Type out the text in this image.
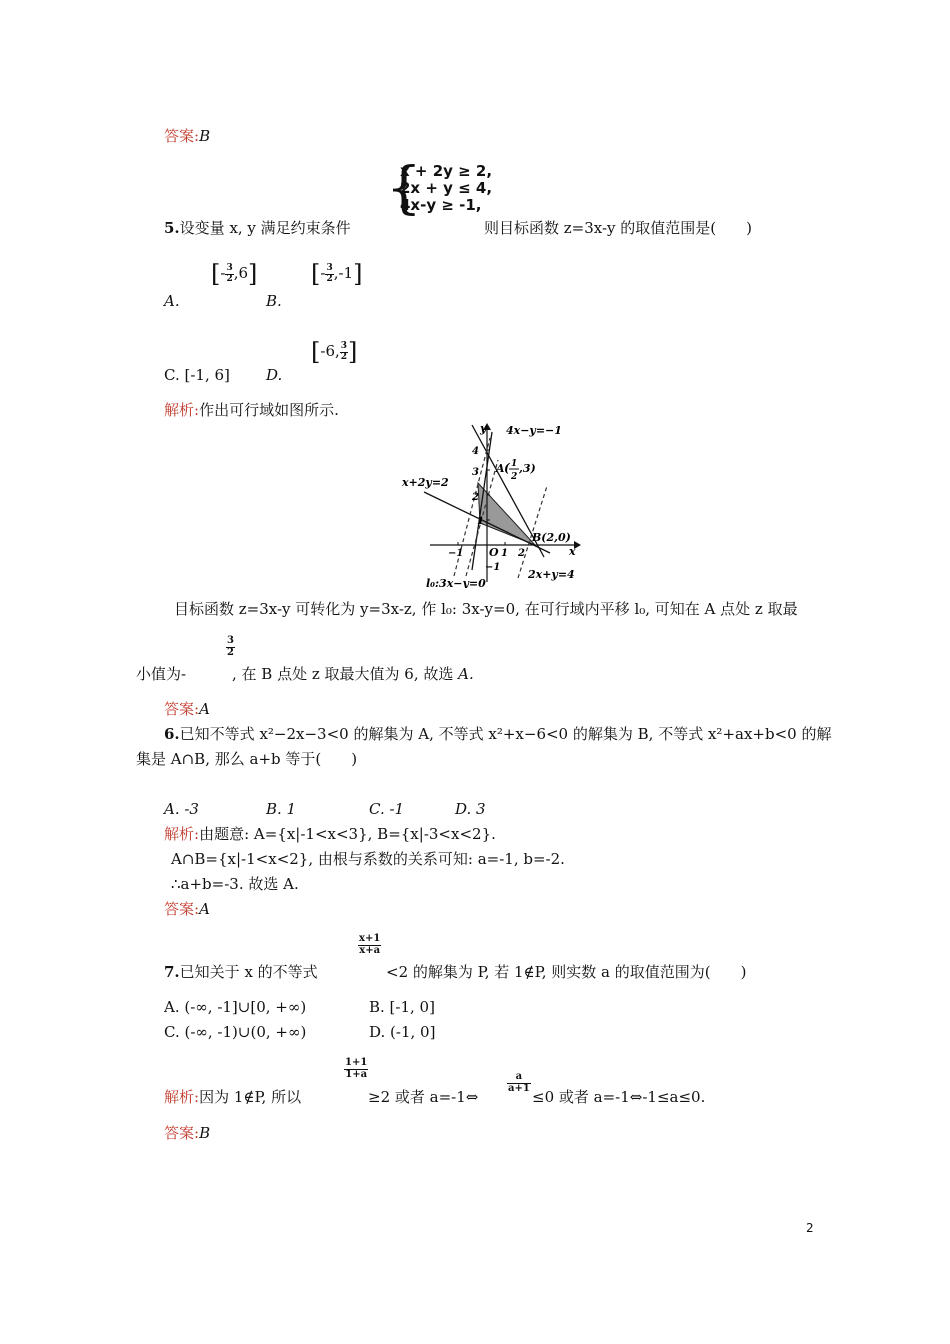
答案:B
{
x + 2y ≥ 2,
2x + y ≤ 4,
4x-y ≥ -1,
5.设变量 x, y 满足约束条件	则目标函数 z=3x-y 的取值范围是(　　)
[- $\frac{3}{2} ,6$]
A.
[- $\frac{3}{2} ,-1$]
B.
C. [-1, 6]
[-6, $\frac{3}{2}$ ]
D.
解析:作出可行域如图所示.
4x−y=−1
x+2y=2
A ( 1
2
,3)
B(2,0)
2x+y=4
l₀:3x−y=0
x
y
O
−1	1 2
1
2
3
4
−1
目标函数 z=3x-y 可转化为 y=3x-z, 作 l₀: 3x-y=0, 在可行域内平移 l₀, 可知在 A 点处 z 取最
$\frac{3}{2}$
小值为-	, 在 B 点处 z 取最大值为 6, 故选 A.
答案:A
6.已知不等式 x²−2x−3<0 的解集为 A, 不等式 x²+x−6<0 的解集为 B, 不等式 x²+ax+b<0 的解
集是 A∩B, 那么 a+b 等于(　　)
A. -3	B. 1	C. -1	D. 3
解析:由题意: A={x|-1<x<3}, B={x|-3<x<2}.
A∩B={x|-1<x<2}, 由根与系数的关系可知: a=-1, b=-2.
∴a+b=-3. 故选 A.
答案:A
$\frac{x+1}{x+a}$
7.已知关于 x 的不等式	<2 的解集为 P, 若 1∉P, 则实数 a 的取值范围为(　　)
A. (-∞, -1]∪[0, +∞)	B. [-1, 0]
C. (-∞, -1)∪(0, +∞)	D. (-1, 0]
$\frac{1+1}{1+a}$
$\frac{a}{a+1}$
解析:因为 1∉P, 所以	≥2 或者 a=-1⇔	≤0 或者 a=-1⇔-1≤a≤0.
答案:B
2
